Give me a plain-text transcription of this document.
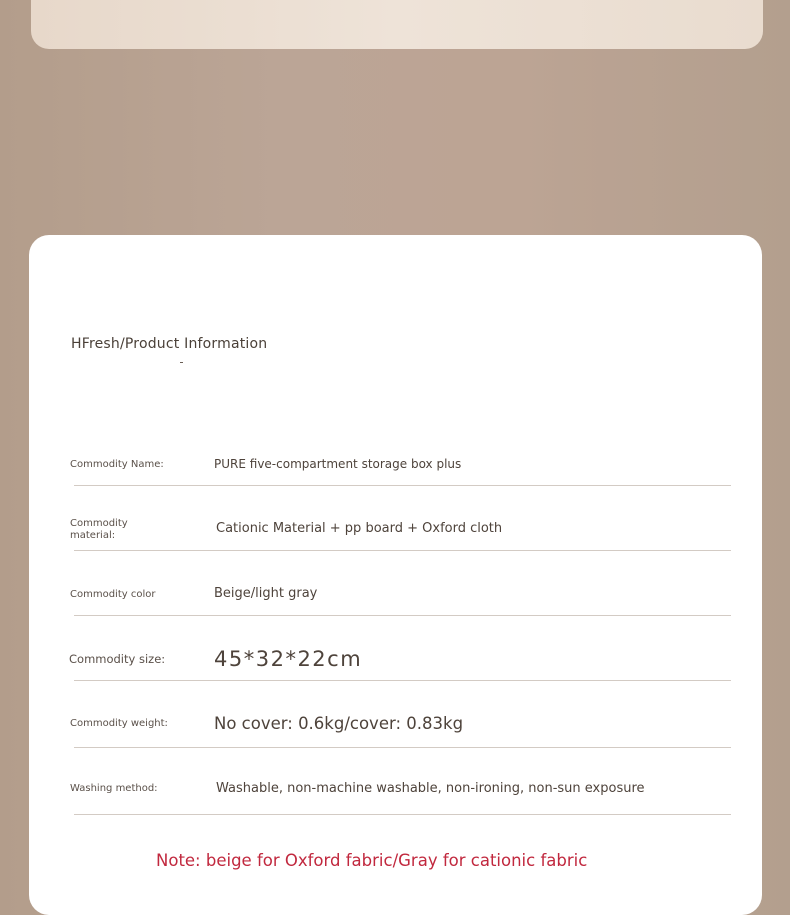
HFresh/Product Information
Commodity Name:	PURE five-compartment storage box plus
Commodity material:	Cationic Material + pp board + Oxford cloth
Commodity color	Beige/light gray
Commodity size: 45*32*22cm
Commodity weight:	No cover: 0.6kg/cover: 0.83kg
Washing method:	Washable, non-machine washable, non-ironing, non-sun exposure
Note: beige for Oxford fabric/Gray for cationic fabric
